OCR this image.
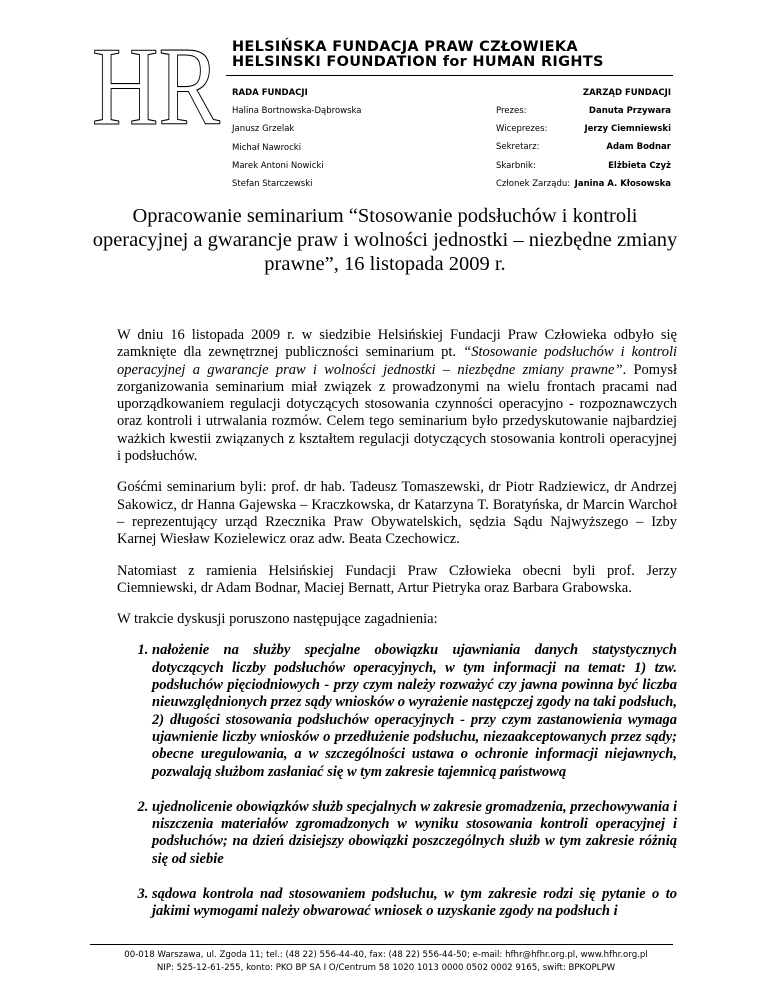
HR HELSIŃSKA FUNDACJA PRAW CZŁOWIEKA
HELSINSKI FOUNDATION for HUMAN RIGHTS
RADA FUNDACJI
Halina Bortnowska-Dąbrowska
Janusz Grzelak
Michał Nawrocki
Marek Antoni Nowicki
Stefan Starczewski
ZARZĄD FUNDACJI
Prezes:	Danuta Przywara
Wiceprezes:	Jerzy Ciemniewski
Sekretarz:	Adam Bodnar
Skarbnik:	Elżbieta Czyż
Członek Zarządu: Janina A. Kłosowska
Opracowanie seminarium “Stosowanie podsłuchów i kontroli operacyjnej a gwarancje praw i wolności jednostki – niezbędne zmiany prawne”, 16 listopada 2009 r.

W dniu 16 listopada 2009 r. w siedzibie Helsińskiej Fundacji Praw Człowieka odbyło się zamknięte dla zewnętrznej publiczności seminarium pt. “Stosowanie podsłuchów i kontroli operacyjnej a gwarancje praw i wolności jednostki – niezbędne zmiany prawne”. Pomysł zorganizowania seminarium miał związek z prowadzonymi na wielu frontach pracami nad uporządkowaniem regulacji dotyczących stosowania czynności operacyjno - rozpoznawczych oraz kontroli i utrwalania rozmów. Celem tego seminarium było przedyskutowanie najbardziej ważkich kwestii związanych z kształtem regulacji dotyczących stosowania kontroli operacyjnej i podsłuchów.

Gośćmi seminarium byli: prof. dr hab. Tadeusz Tomaszewski, dr Piotr Radziewicz, dr Andrzej Sakowicz, dr Hanna Gajewska – Kraczkowska, dr Katarzyna T. Boratyńska, dr Marcin Warchoł – reprezentujący urząd Rzecznika Praw Obywatelskich, sędzia Sądu Najwyższego – Izby Karnej Wiesław Kozielewicz oraz adw. Beata Czechowicz.

Natomiast z ramienia Helsińskiej Fundacji Praw Człowieka obecni byli prof. Jerzy Ciemniewski, dr Adam Bodnar, Maciej Bernatt, Artur Pietryka oraz Barbara Grabowska.

W trakcie dyskusji poruszono następujące zagadnienia:

1. nałożenie na służby specjalne obowiązku ujawniania danych statystycznych dotyczących liczby podsłuchów operacyjnych, w tym informacji na temat: 1) tzw. podsłuchów pięciodniowych - przy czym należy rozważyć czy jawna powinna być liczba nieuwzględnionych przez sądy wniosków o wyrażenie następczej zgody na taki podsłuch, 2) długości stosowania podsłuchów operacyjnych - przy czym zastanowienia wymaga ujawnienie liczby wniosków o przedłużenie podsłuchu, niezaakceptowanych przez sądy; obecne uregulowania, a w szczególności ustawa o ochronie informacji niejawnych, pozwalają służbom zasłaniać się w tym zakresie tajemnicą państwową
2. ujednolicenie obowiązków służb specjalnych w zakresie gromadzenia, przechowywania i niszczenia materiałów zgromadzonych w wyniku stosowania kontroli operacyjnej i podsłuchów; na dzień dzisiejszy obowiązki poszczególnych służb w tym zakresie różnią się od siebie
3. sądowa kontrola nad stosowaniem podsłuchu, w tym zakresie rodzi się pytanie o to jakimi wymogami należy obwarować wniosek o uzyskanie zgody na podsłuch i
00-018 Warszawa, ul. Zgoda 11; tel.: (48 22) 556-44-40, fax: (48 22) 556-44-50; e-mail: hfhr@hfhr.org.pl, www.hfhr.org.pl
NIP: 525-12-61-255, konto: PKO BP SA I O/Centrum 58 1020 1013 0000 0502 0002 9165, swift: BPKOPLPW
